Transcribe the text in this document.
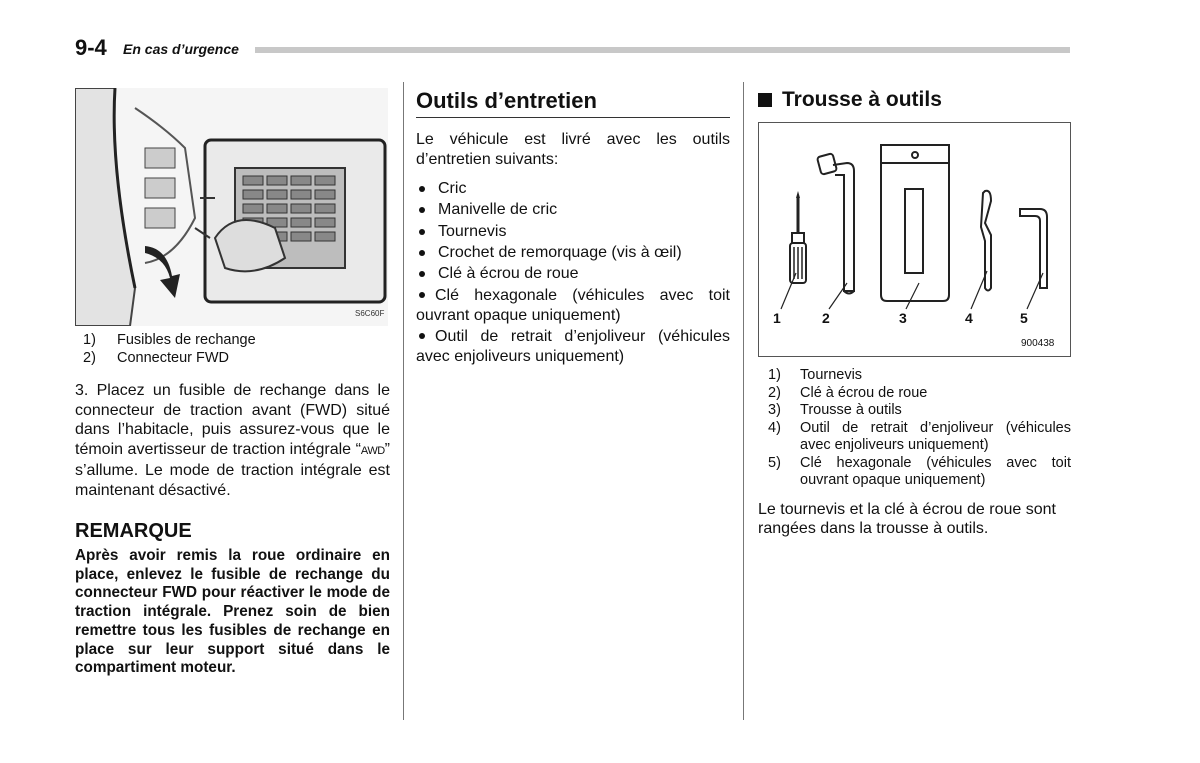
9-4 En cas d’urgence
S6C60F
1) Fusibles de rechange
2) Connecteur FWD

3. Placez un fusible de rechange dans le connecteur de traction avant (FWD) situé dans l’habitacle, puis assurez-vous que le témoin avertisseur de traction intégrale “AWD” s’allume. Le mode de traction intégrale est maintenant désactivé.

REMARQUE

Après avoir remis la roue ordinaire en place, enlevez le fusible de rechange du connecteur FWD pour réactiver le mode de traction intégrale. Prenez soin de bien remettre tous les fusibles de rechange en place sur leur support situé dans le compartiment moteur.

Outils d’entretien

Le véhicule est livré avec les outils d’entretien suivants:

Cric
Manivelle de cric
Tournevis
Crochet de remorquage (vis à œil)
Clé à écrou de roue
Clé hexagonale (véhicules avec toit ouvrant opaque uniquement)
Outil de retrait d’enjoliveur (véhicules avec enjoliveurs uniquement)
Trousse à outils
1	2	3	4	5
900438
1) Tournevis
2) Clé à écrou de roue
3) Trousse à outils
4) Outil de retrait d’enjoliveur (véhicules avec enjoliveurs uniquement)
5) Clé hexagonale (véhicules avec toit ouvrant opaque uniquement)

Le tournevis et la clé à écrou de roue sont rangées dans la trousse à outils.
